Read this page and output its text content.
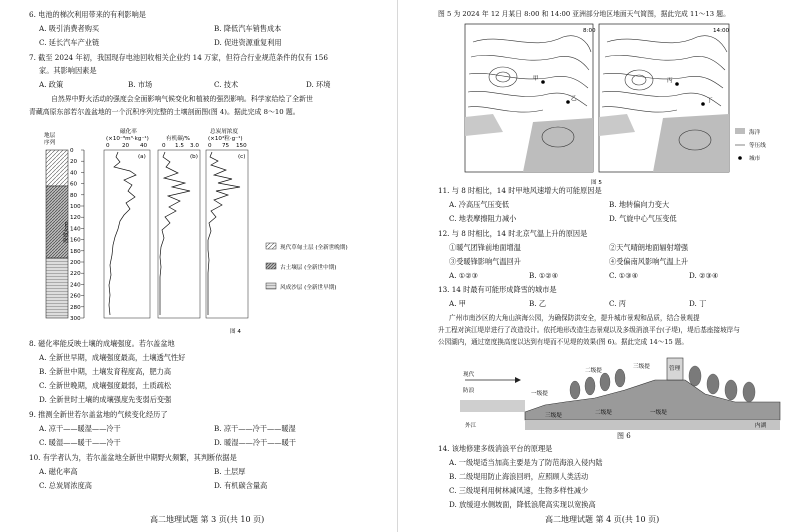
6. 电池的梯次利用带来的有利影响是
A. 吸引消费者购买	B. 降低汽车销售成本
C. 延长汽车产业链	D. 促进资源重复利用
7. 截至 2024 年初，我国现存电池回收相关企业约 14 万家，但符合行业规范条件的仅有 156
家。其影响因素是
A. 政策	B. 市场	C. 技术	D. 环境
自然界中野火活动的强度会全面影响气候变化和植被的强烈影响。科学家给绘了全新世
青藏高原东部若尔盖盆地的一个沉积序列完整的土壤剖面图(图 4)。据此完成 8～10 题。
地层
序列
磁化率
(×10⁻⁸m³·kg⁻¹)	有机碳/%
总炭屑浓度
(×10⁴粒·g⁻¹)
0 20 40	0 1.5 3.0 0 75 150
0
20
40
60
80
100
120
140
160
180
200
220
240
260
280
300
深度/cm
(a)	(b)	(c)
现代草甸土层 (全新世晚期)
古土壤层 (全新世中期)
风成沙层 (全新世早期)
图 4
8. 磁化率能反映土壤的成壤强度。若尔盖盆地
A. 全新世早期，成壤强度最高，土壤透气性好
B. 全新世中期，土壤发育程度高，肥力高
C. 全新世晚期，成壤强度最弱，土质疏松
D. 全新世时土壤的成壤强度先变弱后变强
9. 推测全新世若尔盖盆地的气候变化经历了
A. 凉干——暖湿——冷干	B. 凉干——冷干——暖湿
C. 暖湿——暖干——冷干	D. 暖湿——冷干——暖干
10. 有学者认为，若尔盖盆地全新世中期野火频繁，其判断依据是
A. 磁化率高	B. 土层厚
C. 总炭屑浓度高	D. 有机碳含量高
高二地理试题 第 3 页(共 10 页)
图 5 为 2024 年 12 月某日 8:00 和 14:00 亚洲部分地区地面天气简图，据此完成 11～13 题。
8:00	14:00
甲
乙
丙
丁
海洋
等压线
城市
图 5
11. 与 8 时相比，14 时甲地风速增大的可能原因是
A. 冷高压气压变低	B. 地转偏向力变大
C. 地表摩擦阻力减小	D. 气旋中心气压变低
12. 与 8 时相比，14 时北京气温上升的原因是
①暖气团锋前地面增温	②天气晴朗地面辐射增强
③受暖锋影响气温回升	④受偏南风影响气温上升
A. ①②③	B. ①②④	C. ①③④	D. ②③④
13. 14 时最有可能形成降雪的城市是
A. 甲	B. 乙	C. 丙	D. 丁
广州市南沙区的大角山滨海公园，为确保防洪安全，提升城市景观和品质，结合景观提
升工程对滨江堤岸进行了改造设计。依托地形改造生态景观以及多级消浪平台(子堤)，堤后基座接坡岸与
公园湖内，通过宽度换高度以达到有堤而不见堤的效果(图 6)。据此完成 14～15 题。
现代
防浪	一级提
二级提
三级提	管理
外江
三级堤	二级堤	一级堤
内湖
图 6
14. 该地修建多级消浪平台的原理是
A. 一级堤适当加高主要是为了防范海浪入侵内陆
B. 二级堤用防止海浪回坍，应照顾人类活动
C. 三级堤利用树林减风速，生物多样性减少
D. 放缓迎水侧坡面，降低浪爬高实现以宽换高
高二地理试题 第 4 页(共 10 页)
